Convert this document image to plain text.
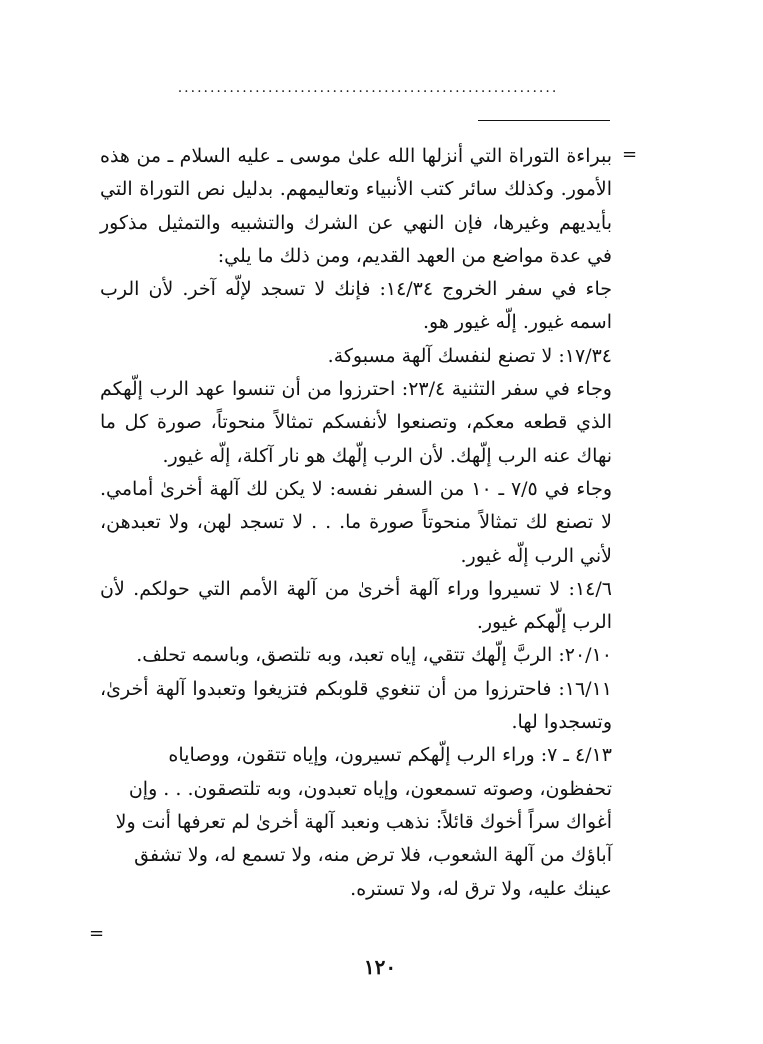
...........................................................
=

ببراءة التوراة التي أنزلها الله علىٰ موسى ـ عليه السلام ـ من هذه الأمور. وكذلك سائر كتب الأنبياء وتعاليمهم. بدليل نص التوراة التي بأيديهم وغيرها، فإن النهي عن الشرك والتشبيه والتمثيل مذكور في عدة مواضع من العهد القديم، ومن ذلك ما يلي:

جاء في سفر الخروج ١٤/٣٤: فإنك لا تسجد لإلّه آخر. لأن الرب اسمه غيور. إلّه غيور هو.

١٧/٣٤: لا تصنع لنفسك آلهة مسبوكة.

وجاء في سفر التثنية ٢٣/٤: احترزوا من أن تنسوا عهد الرب إلّهكم الذي قطعه معكم، وتصنعوا لأنفسكم تمثالاً منحوتاً، صورة كل ما نهاك عنه الرب إلّهك. لأن الرب إلّهك هو نار آكلة، إلّه غيور.

وجاء في ٧/٥ ـ ١٠ من السفر نفسه: لا يكن لك آلهة أخرىٰ أمامي. لا تصنع لك تمثالاً منحوتاً صورة ما. . . لا تسجد لهن، ولا تعبدهن، لأني الرب إلّه غيور.

١٤/٦: لا تسيروا وراء آلهة أخرىٰ من آلهة الأمم التي حولكم. لأن الرب إلّهكم غيور.

٢٠/١٠: الربَّ إلّهك تتقي، إياه تعبد، وبه تلتصق، وباسمه تحلف.

١٦/١١: فاحترزوا من أن تنغوي قلوبكم فتزيغوا وتعبدوا آلهة أخرىٰ، وتسجدوا لها.

٤/١٣ ـ ٧: وراء الرب إلّهكم تسيرون، وإياه تتقون، ووصاياه تحفظون، وصوته تسمعون، وإياه تعبدون، وبه تلتصقون. . . وإن أغواك سراً أخوك قائلاً: نذهب ونعبد آلهة أخرىٰ لم تعرفها أنت ولا آباؤك من آلهة الشعوب، فلا ترض منه، ولا تسمع له، ولا تشفق عينك عليه، ولا ترق له، ولا تستره.

=
١٢٠
